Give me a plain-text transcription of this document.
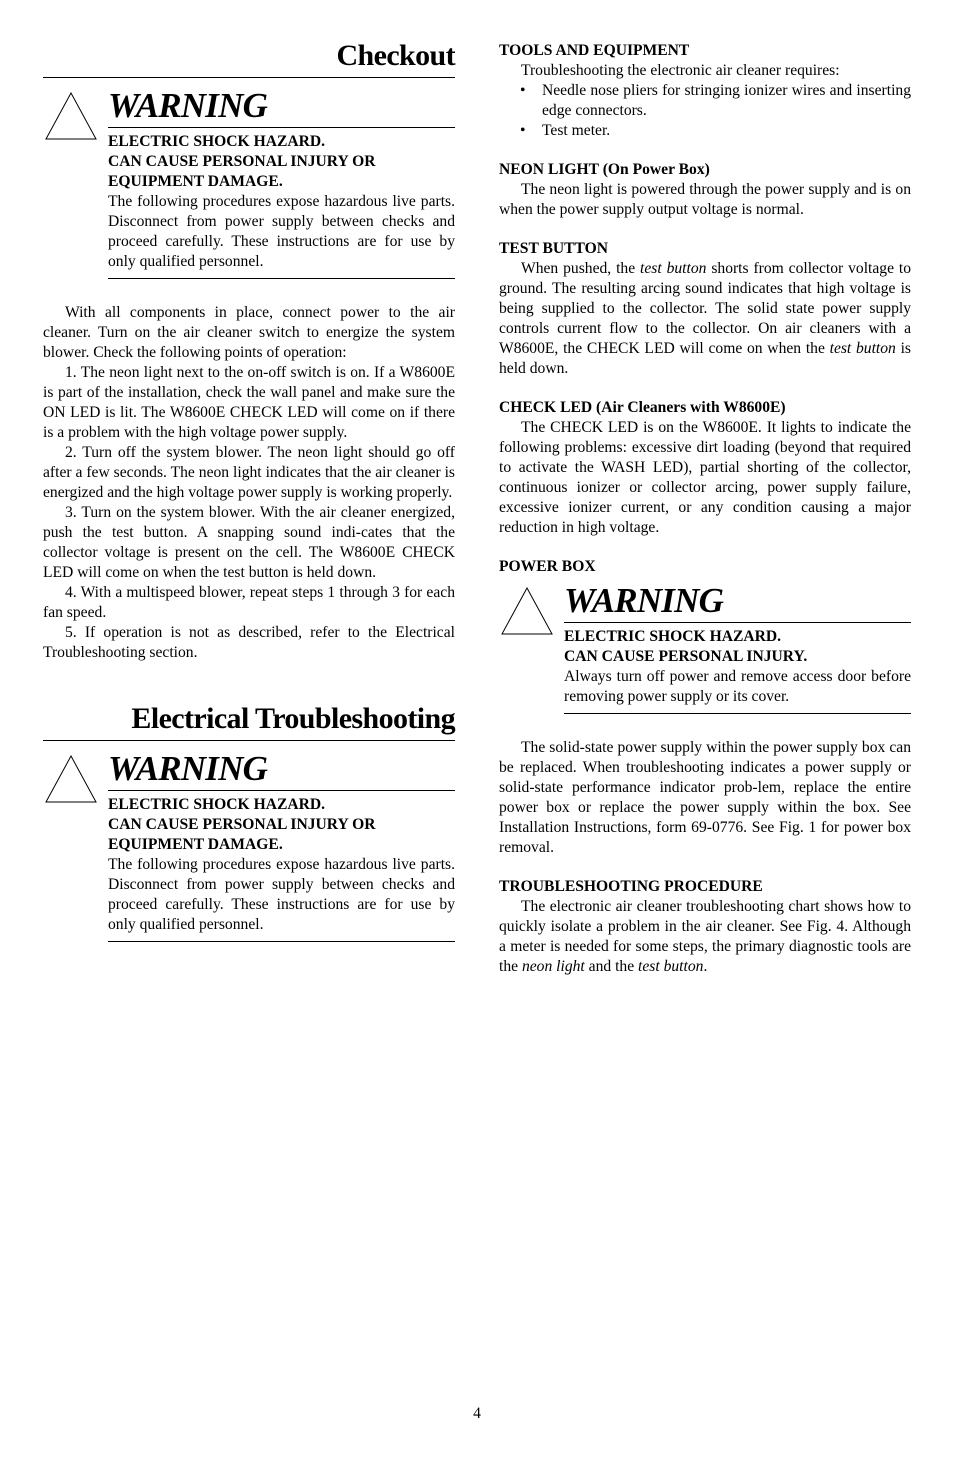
Checkout
WARNING

ELECTRIC SHOCK HAZARD.

CAN CAUSE PERSONAL INJURY OR

EQUIPMENT DAMAGE.

The following procedures expose hazardous live parts. Disconnect from power supply between checks and proceed carefully. These instructions are for use by only qualified personnel.

With all components in place, connect power to the air cleaner. Turn on the air cleaner switch to energize the system blower. Check the following points of operation:

1. The neon light next to the on-off switch is on. If a W8600E is part of the installation, check the wall panel and make sure the ON LED is lit. The W8600E CHECK LED will come on if there is a problem with the high voltage power supply.

2. Turn off the system blower. The neon light should go off after a few seconds. The neon light indicates that the air cleaner is energized and the high voltage power supply is working properly.

3. Turn on the system blower. With the air cleaner energized, push the test button. A snapping sound indi-cates that the collector voltage is present on the cell. The W8600E CHECK LED will come on when the test button is held down.

4. With a multispeed blower, repeat steps 1 through 3 for each fan speed.

5. If operation is not as described, refer to the Electrical Troubleshooting section.

Electrical Troubleshooting
WARNING

ELECTRIC SHOCK HAZARD.

CAN CAUSE PERSONAL INJURY OR

EQUIPMENT DAMAGE.

The following procedures expose hazardous live parts. Disconnect from power supply between checks and proceed carefully. These instructions are for use by only qualified personnel.

TOOLS AND EQUIPMENT

Troubleshooting the electronic air cleaner requires:

• Needle nose pliers for stringing ionizer wires and inserting edge connectors.
• Test meter.

NEON LIGHT (On Power Box)

The neon light is powered through the power supply and is on when the power supply output voltage is normal.

TEST BUTTON

When pushed, the test button shorts from collector voltage to ground. The resulting arcing sound indicates that high voltage is being supplied to the collector. The solid state power supply controls current flow to the collector. On air cleaners with a W8600E, the CHECK LED will come on when the test button is held down.

CHECK LED (Air Cleaners with W8600E)

The CHECK LED is on the W8600E. It lights to indicate the following problems: excessive dirt loading (beyond that required to activate the WASH LED), partial shorting of the collector, continuous ionizer or collector arcing, power supply failure, excessive ionizer current, or any condition causing a major reduction in high voltage.

POWER BOX

WARNING

ELECTRIC SHOCK HAZARD.

CAN CAUSE PERSONAL INJURY.

Always turn off power and remove access door before removing power supply or its cover.

The solid-state power supply within the power supply box can be replaced. When troubleshooting indicates a power supply or solid-state performance indicator prob-lem, replace the entire power box or replace the power supply within the box. See Installation Instructions, form 69-0776. See Fig. 1 for power box removal.

TROUBLESHOOTING PROCEDURE

The electronic air cleaner troubleshooting chart shows how to quickly isolate a problem in the air cleaner. See Fig. 4. Although a meter is needed for some steps, the primary diagnostic tools are the neon light and the test button.

4
